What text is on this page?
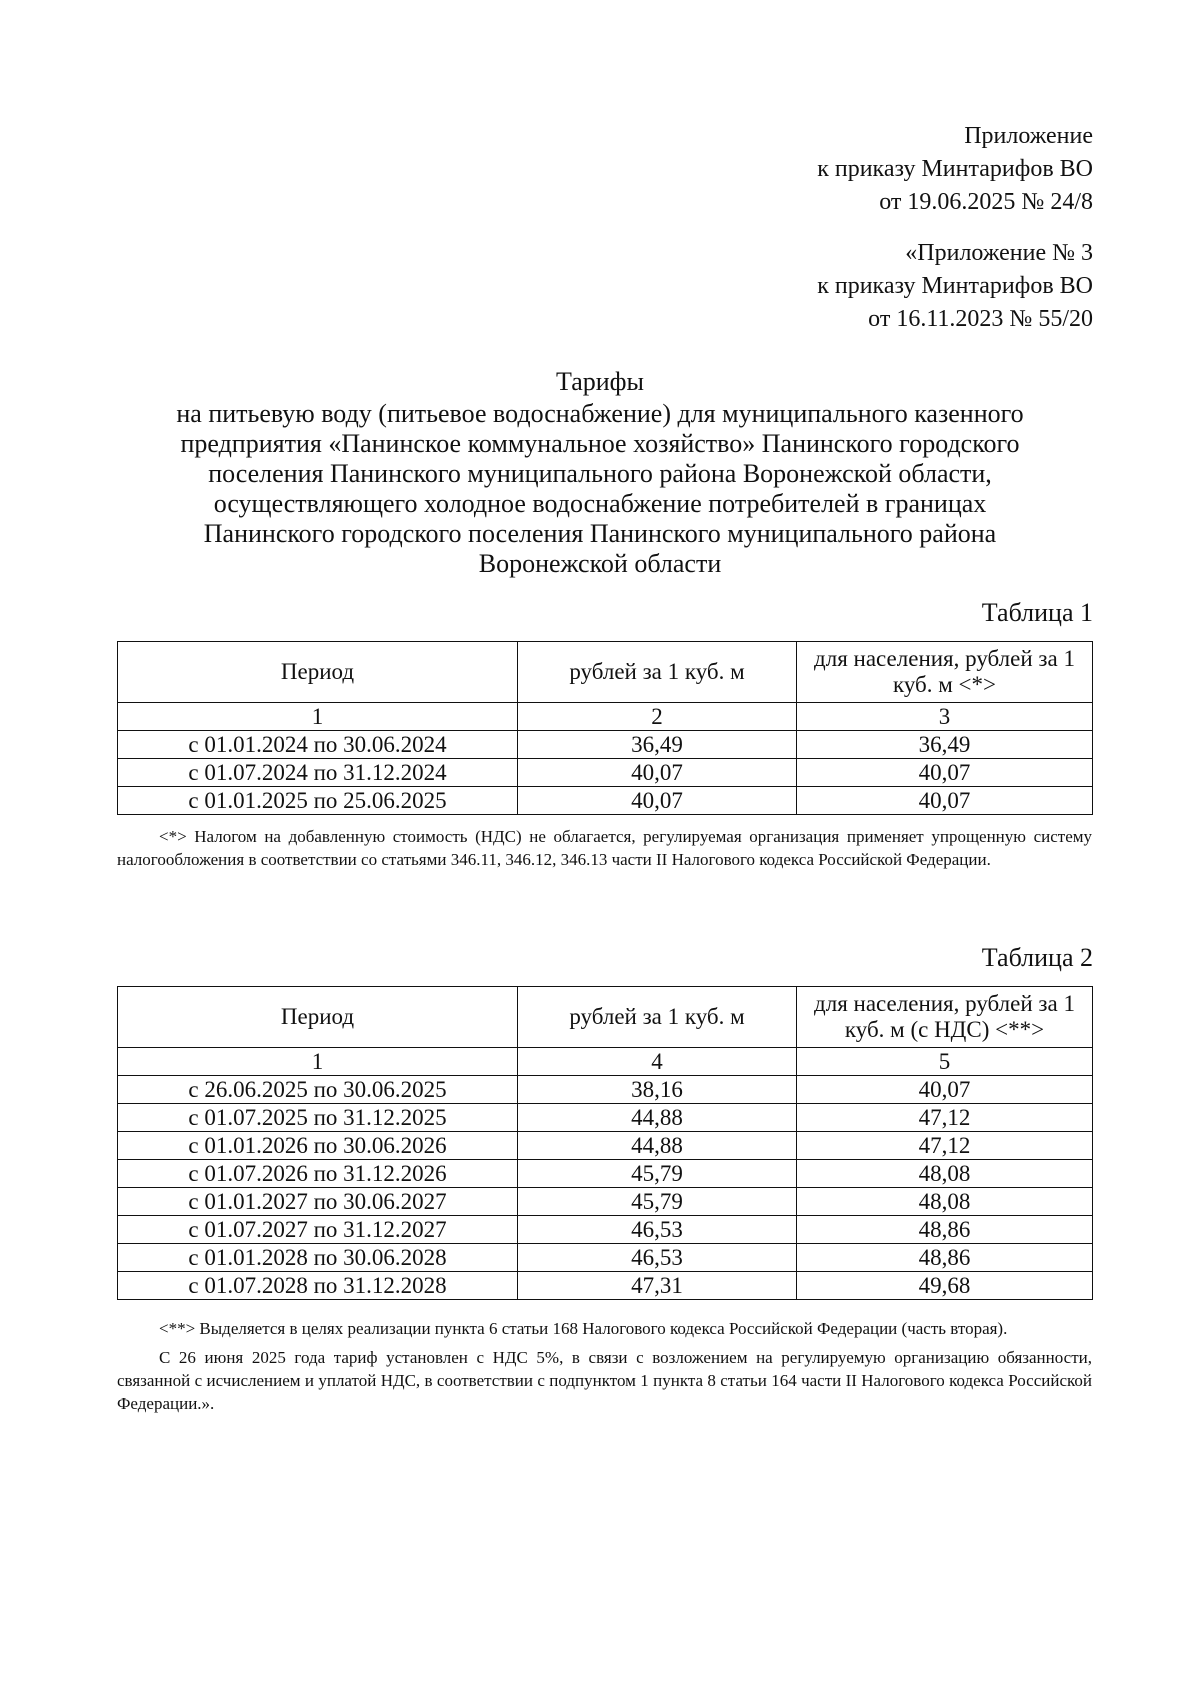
Приложение
к приказу Минтарифов ВО
от 19.06.2025 № 24/8
«Приложение № 3
к приказу Минтарифов ВО
от 16.11.2023 № 55/20
Тарифы
на питьевую воду (питьевое водоснабжение) для муниципального казенного
предприятия «Панинское коммунальное хозяйство» Панинского городского
поселения Панинского муниципального района Воронежской области,
осуществляющего холодное водоснабжение потребителей в границах
Панинского городского поселения Панинского муниципального района
Воронежской области
Таблица 1
Период	рублей за 1 куб. м	для населения, рублей за 1 куб. м <*>
1	2	3
с 01.01.2024 по 30.06.2024	36,49	36,49
с 01.07.2024 по 31.12.2024	40,07	40,07
с 01.01.2025 по 25.06.2025	40,07	40,07

<*> Налогом на добавленную стоимость (НДС) не облагается, регулируемая организация применяет упрощенную систему налогообложения в соответствии со статьями 346.11, 346.12, 346.13 части II Налогового кодекса Российской Федерации.

Таблица 2
Период	рублей за 1 куб. м	для населения, рублей за 1 куб. м (с НДС) <**>
1	4	5
с 26.06.2025 по 30.06.2025	38,16	40,07
с 01.07.2025 по 31.12.2025	44,88	47,12
с 01.01.2026 по 30.06.2026	44,88	47,12
с 01.07.2026 по 31.12.2026	45,79	48,08
с 01.01.2027 по 30.06.2027	45,79	48,08
с 01.07.2027 по 31.12.2027	46,53	48,86
с 01.01.2028 по 30.06.2028	46,53	48,86
с 01.07.2028 по 31.12.2028	47,31	49,68

<**> Выделяется в целях реализации пункта 6 статьи 168 Налогового кодекса Российской Федерации (часть вторая).

С 26 июня 2025 года тариф установлен с НДС 5%, в связи с возложением на регулируемую организацию обязанности, связанной с исчислением и уплатой НДС, в соответствии с подпунктом 1 пункта 8 статьи 164 части II Налогового кодекса Российской Федерации.».
